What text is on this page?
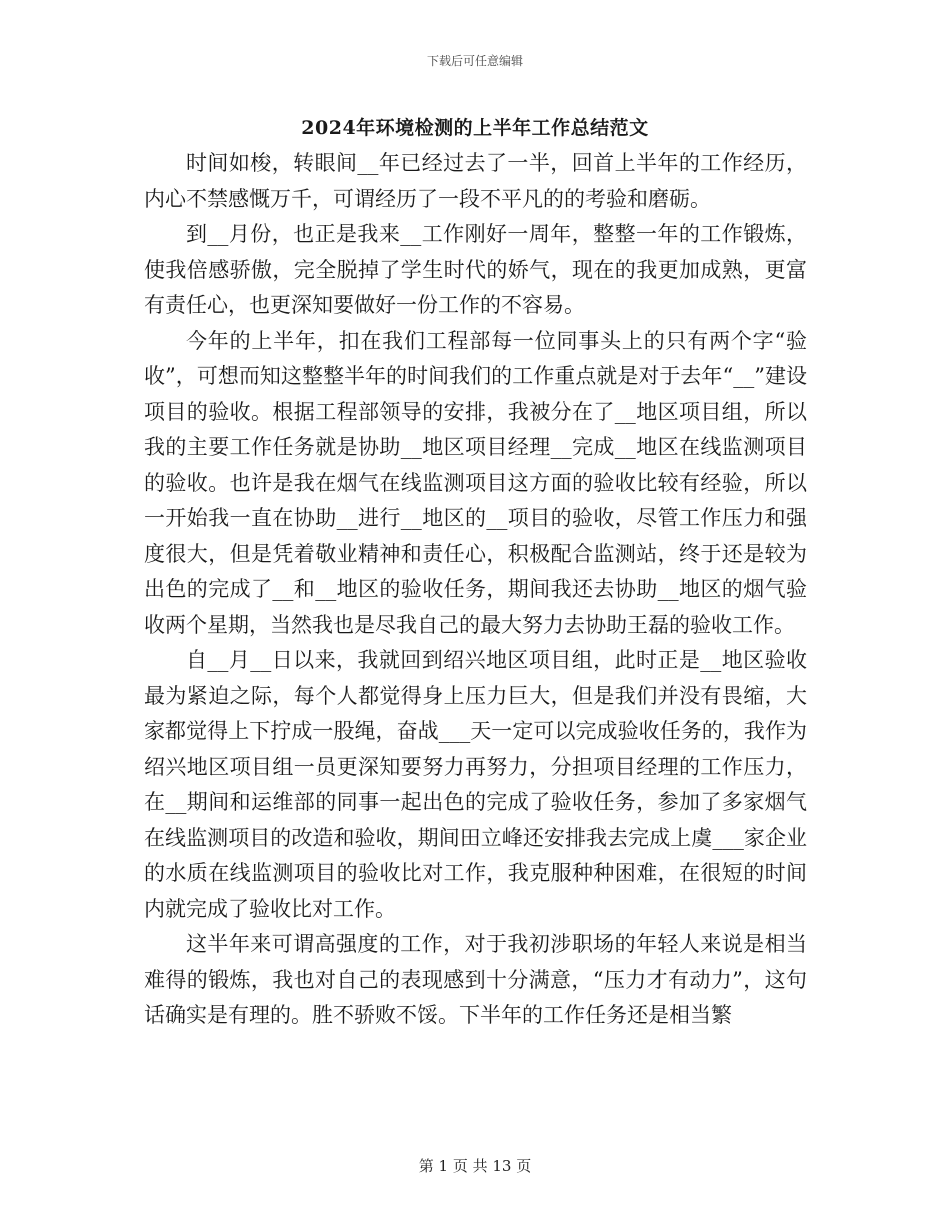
下载后可任意编辑
2024年环境检测的上半年工作总结范文

时间如梭，转眼间__年已经过去了一半，回首上半年的工作经历，内心不禁感慨万千，可谓经历了一段不平凡的的考验和磨砺。

到__月份，也正是我来__工作刚好一周年，整整一年的工作锻炼，使我倍感骄傲，完全脱掉了学生时代的娇气，现在的我更加成熟，更富有责任心，也更深知要做好一份工作的不容易。

今年的上半年，扣在我们工程部每一位同事头上的只有两个字“验收”，可想而知这整整半年的时间我们的工作重点就是对于去年“__”建设项目的验收。根据工程部领导的安排，我被分在了__地区项目组，所以我的主要工作任务就是协助__地区项目经理__完成__地区在线监测项目的验收。也许是我在烟气在线监测项目这方面的验收比较有经验，所以一开始我一直在协助__进行__地区的__项目的验收，尽管工作压力和强度很大，但是凭着敬业精神和责任心，积极配合监测站，终于还是较为出色的完成了__和__地区的验收任务，期间我还去协助__地区的烟气验收两个星期，当然我也是尽我自己的最大努力去协助王磊的验收工作。

自__月__日以来，我就回到绍兴地区项目组，此时正是__地区验收最为紧迫之际，每个人都觉得身上压力巨大，但是我们并没有畏缩，大家都觉得上下拧成一股绳，奋战___天一定可以完成验收任务的，我作为绍兴地区项目组一员更深知要努力再努力，分担项目经理的工作压力，在__期间和运维部的同事一起出色的完成了验收任务，参加了多家烟气在线监测项目的改造和验收，期间田立峰还安排我去完成上虞___家企业的水质在线监测项目的验收比对工作，我克服种种困难，在很短的时间内就完成了验收比对工作。

这半年来可谓高强度的工作，对于我初涉职场的年轻人来说是相当难得的锻炼，我也对自己的表现感到十分满意，“压力才有动力”，这句话确实是有理的。胜不骄败不馁。下半年的工作任务还是相当繁

第 1 页 共 13 页
